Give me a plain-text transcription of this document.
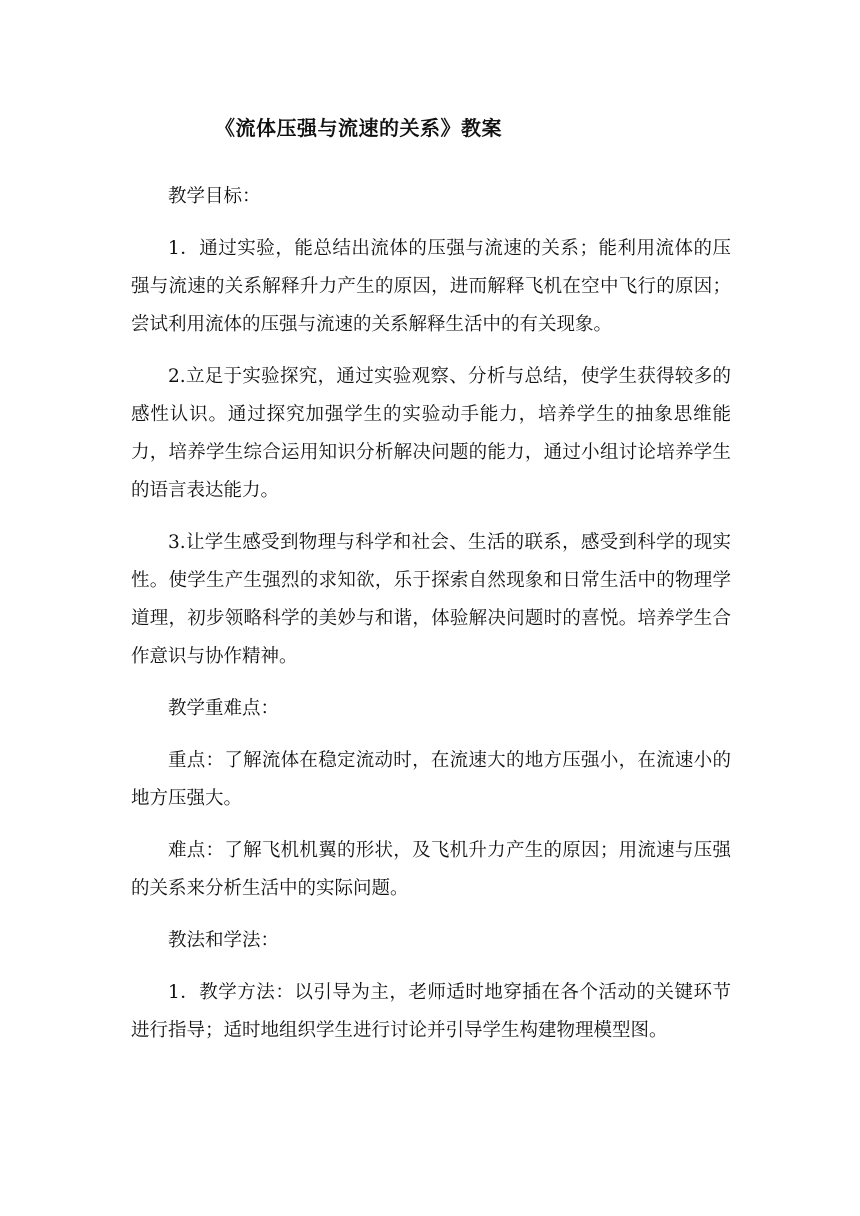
《流体压强与流速的关系》教案

教学目标：

1．通过实验，能总结出流体的压强与流速的关系；能利用流体的压强与流速的关系解释升力产生的原因，进而解释飞机在空中飞行的原因；尝试利用流体的压强与流速的关系解释生活中的有关现象。

2.立足于实验探究，通过实验观察、分析与总结，使学生获得较多的感性认识。通过探究加强学生的实验动手能力，培养学生的抽象思维能力，培养学生综合运用知识分析解决问题的能力，通过小组讨论培养学生的语言表达能力。

3.让学生感受到物理与科学和社会、生活的联系，感受到科学的现实性。使学生产生强烈的求知欲，乐于探索自然现象和日常生活中的物理学道理，初步领略科学的美妙与和谐，体验解决问题时的喜悦。培养学生合作意识与协作精神。

教学重难点：

重点：了解流体在稳定流动时，在流速大的地方压强小，在流速小的地方压强大。

难点：了解飞机机翼的形状，及飞机升力产生的原因；用流速与压强的关系来分析生活中的实际问题。

教法和学法：

1．教学方法：以引导为主，老师适时地穿插在各个活动的关键环节进行指导；适时地组织学生进行讨论并引导学生构建物理模型图。
